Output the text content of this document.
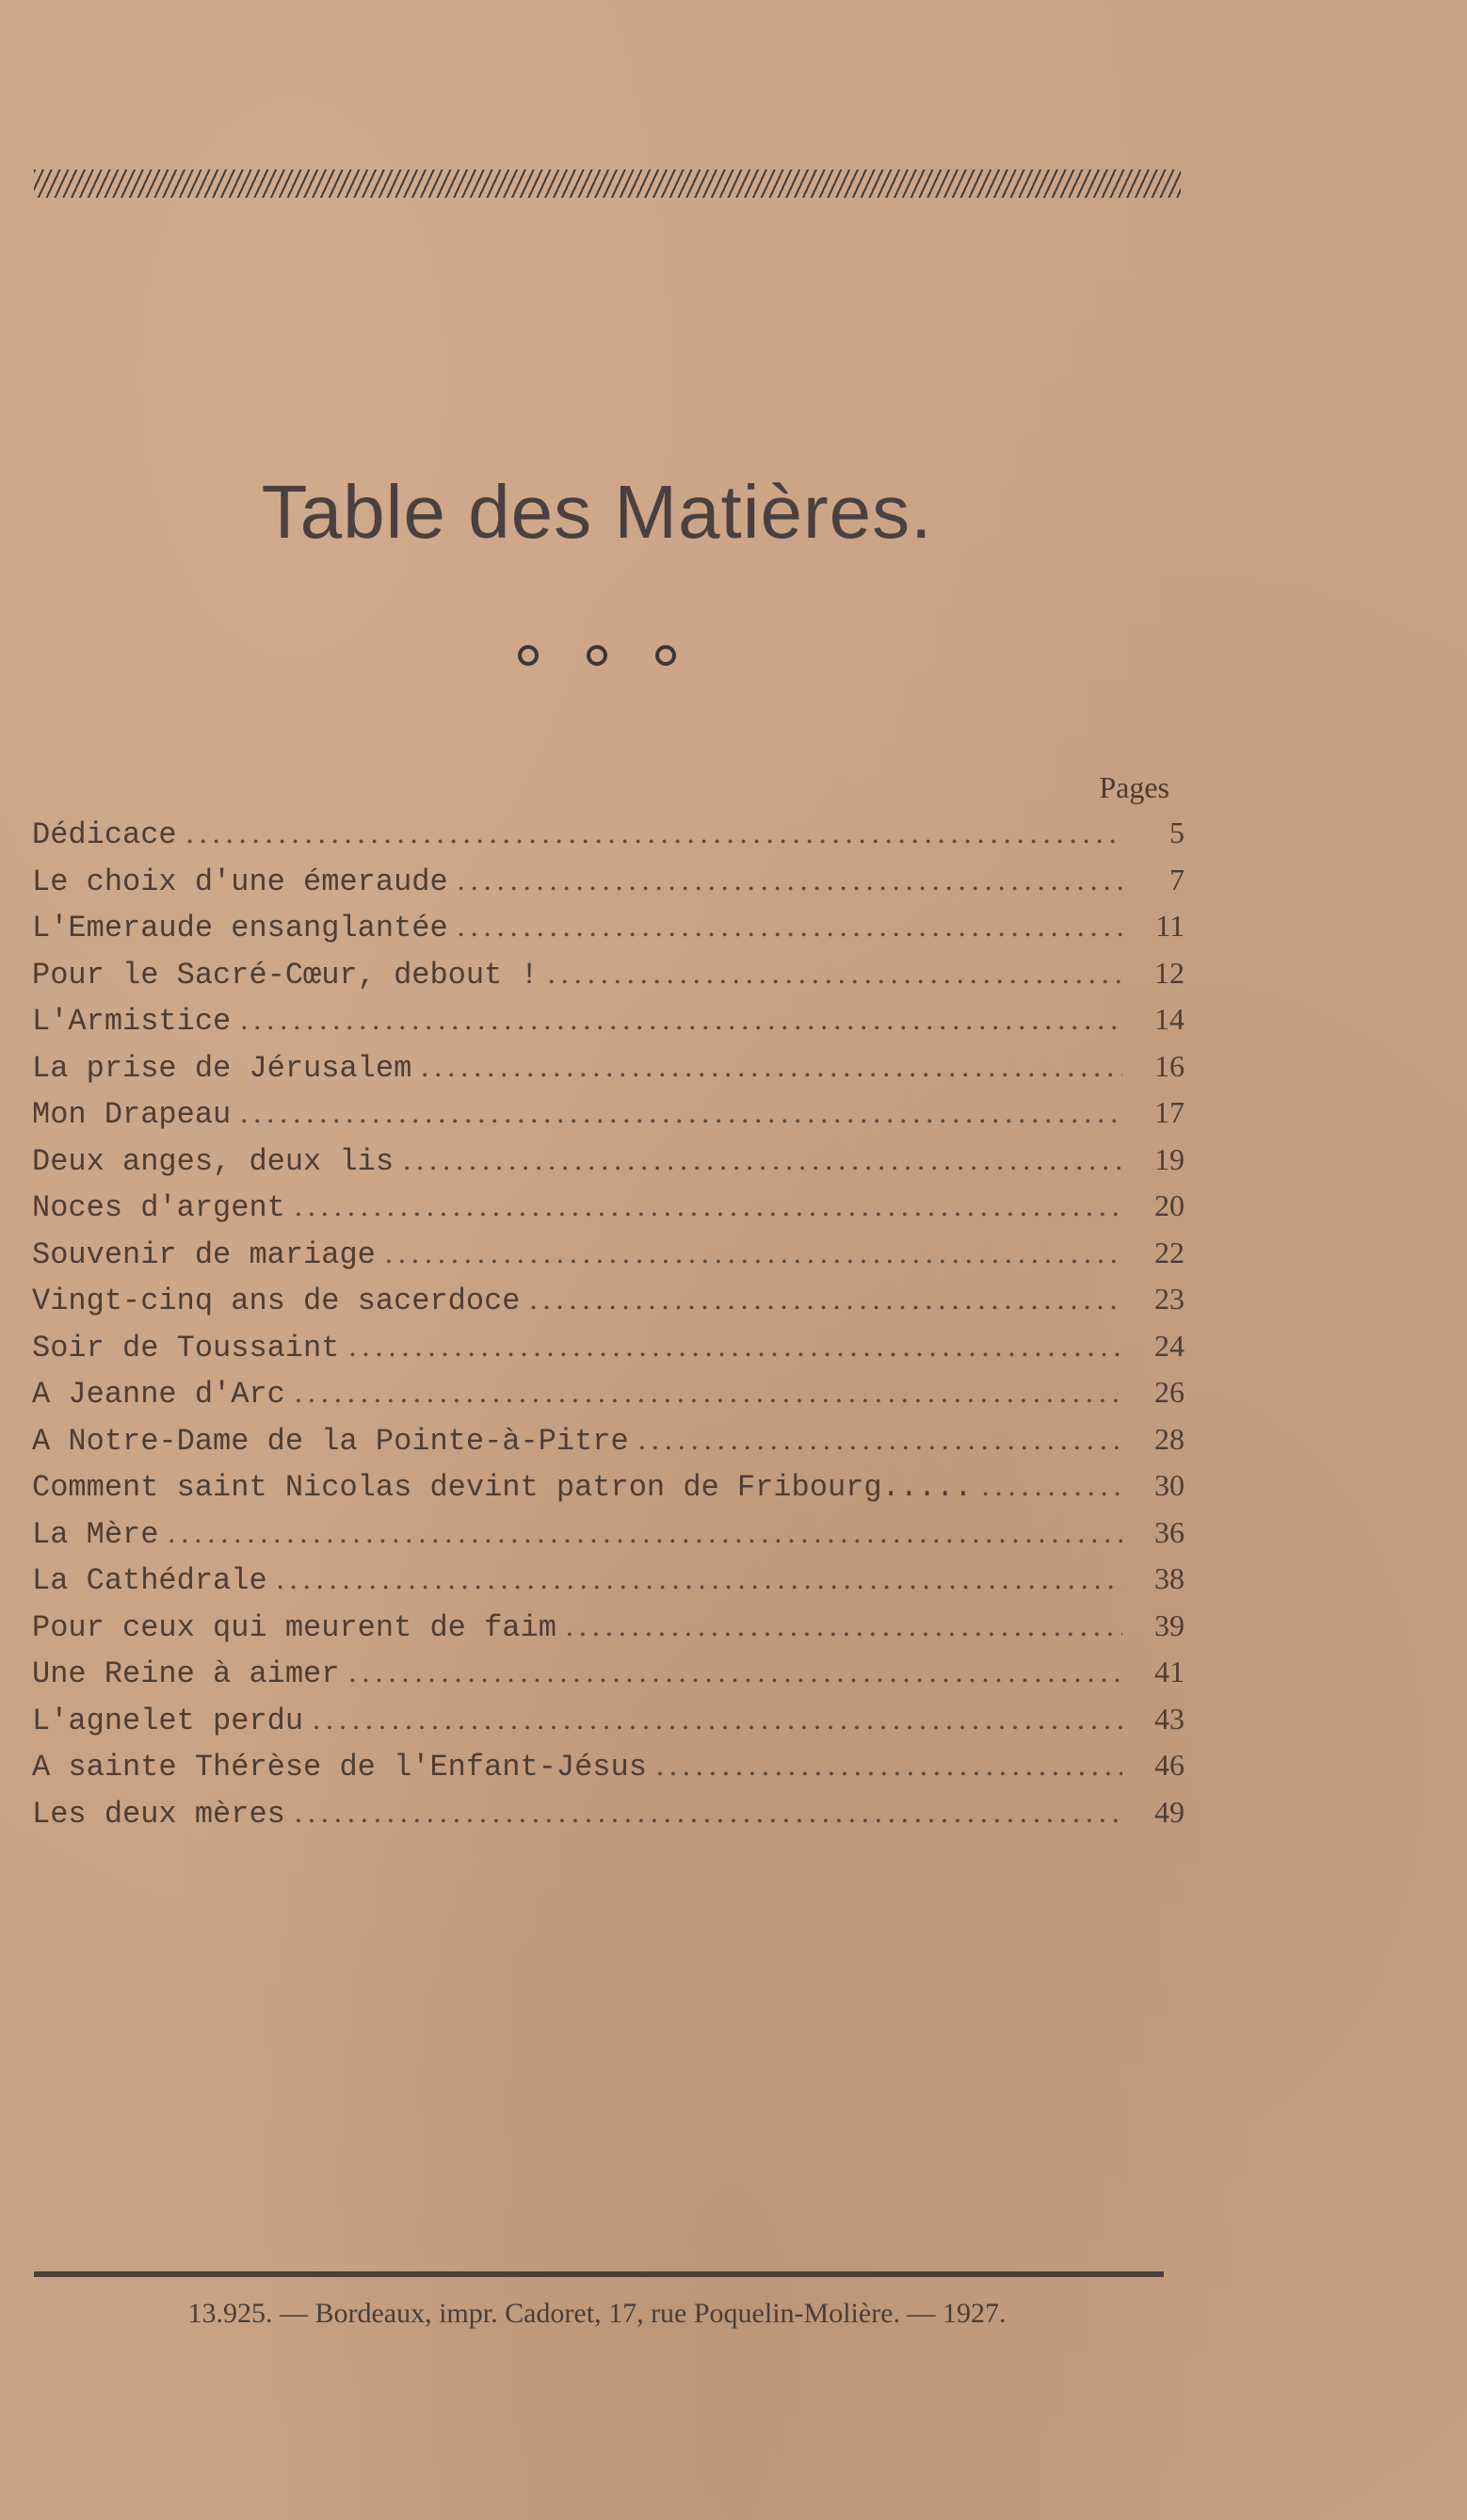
Table des Matières.
Pages
Dédicace .....	5
Le choix d'une émeraude .....	7
L'Emeraude ensanglantée .....	11
Pour le Sacré-Cœur, debout ! .....	12
L'Armistice .....	14
La prise de Jérusalem .....	16
Mon Drapeau .....	17
Deux anges, deux lis .....	19
Noces d'argent .....	20
Souvenir de mariage .....	22
Vingt-cinq ans de sacerdoce .....	23
Soir de Toussaint .....	24
A Jeanne d'Arc .....	26
A Notre-Dame de la Pointe-à-Pitre .....	28
Comment saint Nicolas devint patron de Fribourg..... .....	30
La Mère .....	36
La Cathédrale .....	38
Pour ceux qui meurent de faim .....	39
Une Reine à aimer .....	41
L'agnelet perdu .....	43
A sainte Thérèse de l'Enfant-Jésus .....	46
Les deux mères .....	49
13.925. — Bordeaux, impr. Cadoret, 17, rue Poquelin-Molière. — 1927.
